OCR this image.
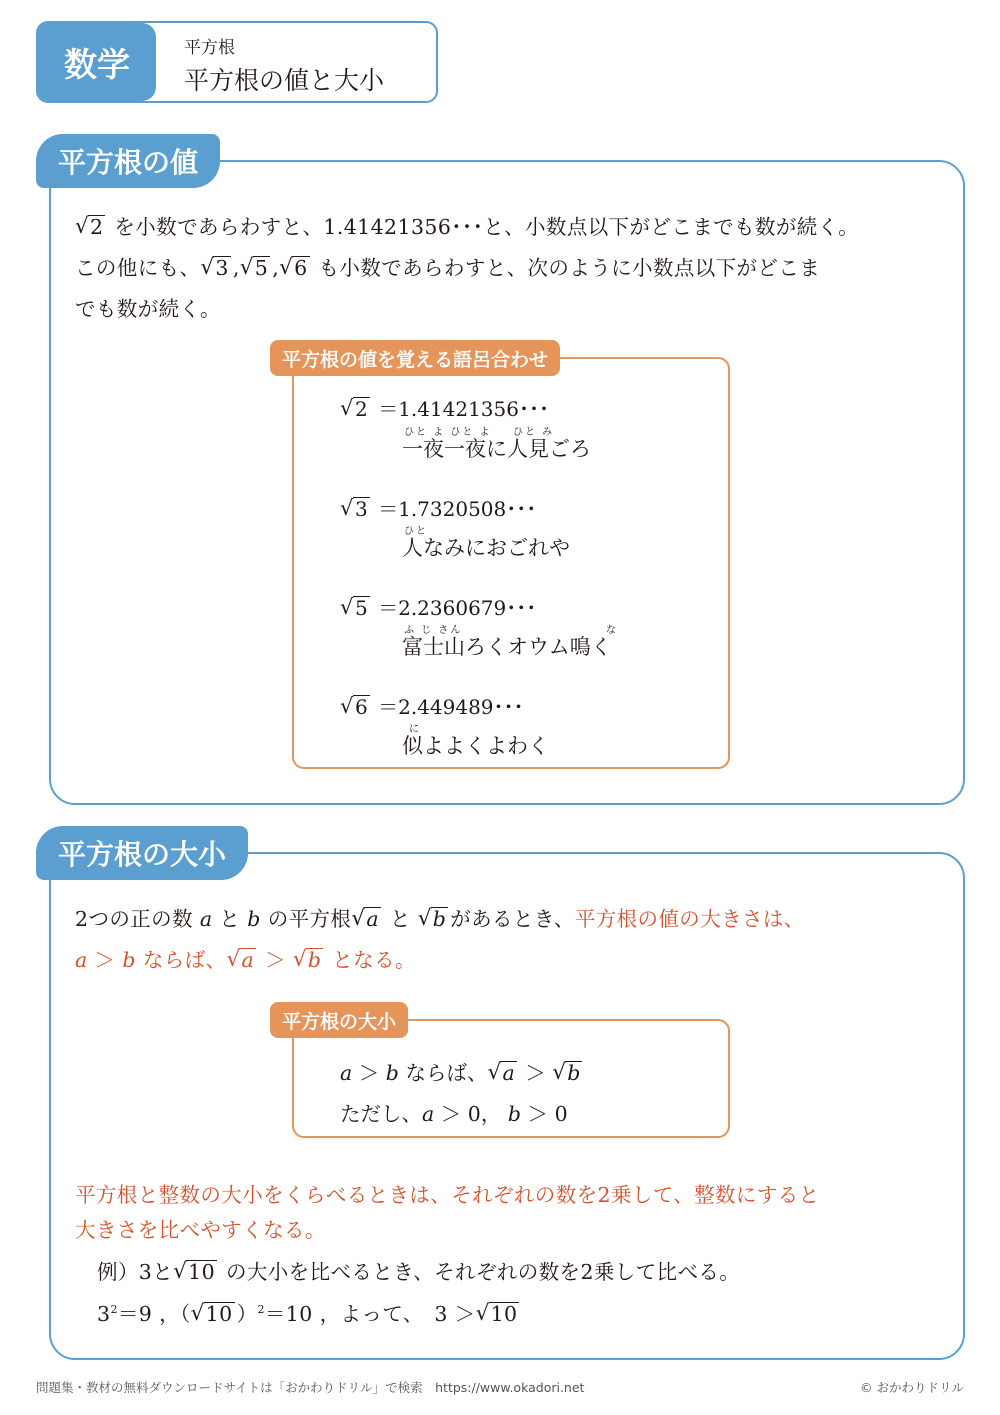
数学	平方根
平方根の値と大小
平方根の値
√ 2 を小数であらわすと、1.41421356･･･と、小数点以下がどこまでも数が続く。
この他にも、 √ 3 , √ 5 , √ 6 も小数であらわすと、次のように小数点以下がどこま
でも数が続く。
平方根の値を覚える語呂合わせ
√ 2 ＝1.41421356･･･
ひと よ ひと よ ひと み
一夜一夜に人見ごろ
√ 3 ＝1.7320508･･･
ひと
人なみにおごれや
√ 5 ＝2.2360679･･･
ふ じ さん	な
富士山ろくオウム鳴く
√ 6 ＝2.449489･･･
に
似よよくよわく
平方根の大小
2つの正の数 a と b の平方根 √ a と √ b があるとき、平方根の値の大きさは、
a ＞ b ならば、 √ a ＞ √ b となる。
平方根の大小
a ＞ b ならば、 √ a ＞ √ b
ただし、a ＞ 0， b ＞ 0
平方根と整数の大小をくらべるときは、それぞれの数を2乗して、整数にすると
大きさを比べやすくなる。
例）3と √ 10 の大小を比べるとき、それぞれの数を2乗して比べる。
$3^2=9$ ，（ √ 10 ）$^2$＝10 ，よって、　3 ＞ √ 10
問題集・教材の無料ダウンロードサイトは「おかわりドリル」で検索　https://www.okadori.net	© おかわりドリル
